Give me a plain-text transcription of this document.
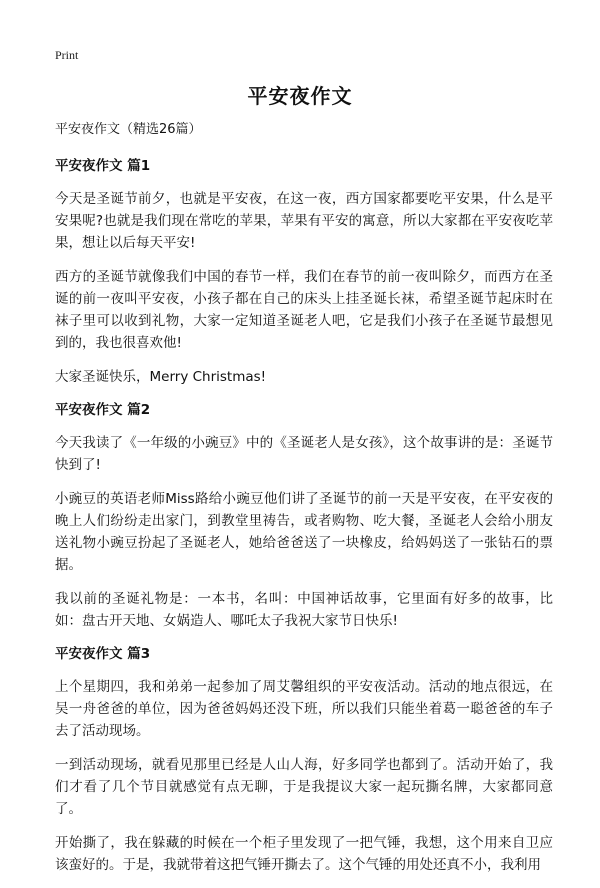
Print
平安夜作文
平安夜作文（精选26篇）
平安夜作文 篇1

今天是圣诞节前夕，也就是平安夜，在这一夜，西方国家都要吃平安果，什么是平安果呢?也就是我们现在常吃的苹果，苹果有平安的寓意，所以大家都在平安夜吃苹果，想让以后每天平安!

西方的圣诞节就像我们中国的春节一样，我们在春节的前一夜叫除夕，而西方在圣诞的前一夜叫平安夜，小孩子都在自己的床头上挂圣诞长袜，希望圣诞节起床时在袜子里可以收到礼物，大家一定知道圣诞老人吧，它是我们小孩子在圣诞节最想见到的，我也很喜欢他!

大家圣诞快乐，Merry Christmas!

平安夜作文 篇2

今天我读了《一年级的小豌豆》中的《圣诞老人是女孩》，这个故事讲的是：圣诞节快到了!

小豌豆的英语老师Miss路给小豌豆他们讲了圣诞节的前一天是平安夜，在平安夜的晚上人们纷纷走出家门，到教堂里祷告，或者购物、吃大餐，圣诞老人会给小朋友送礼物小豌豆扮起了圣诞老人，她给爸爸送了一块橡皮，给妈妈送了一张钻石的票据。

我以前的圣诞礼物是：一本书，名叫：中国神话故事，它里面有好多的故事，比如：盘古开天地、女娲造人、哪吒太子我祝大家节日快乐!

平安夜作文 篇3

上个星期四，我和弟弟一起参加了周艾馨组织的平安夜活动。活动的地点很远，在吴一舟爸爸的单位，因为爸爸妈妈还没下班，所以我们只能坐着葛一聪爸爸的车子去了活动现场。

一到活动现场，就看见那里已经是人山人海，好多同学也都到了。活动开始了，我们才看了几个节目就感觉有点无聊，于是我提议大家一起玩撕名牌，大家都同意了。

开始撕了，我在躲藏的时候在一个柜子里发现了一把气锤，我想，这个用来自卫应该蛮好的。于是，我就带着这把气锤开撕去了。这个气锤的用处还真不小，我利用
